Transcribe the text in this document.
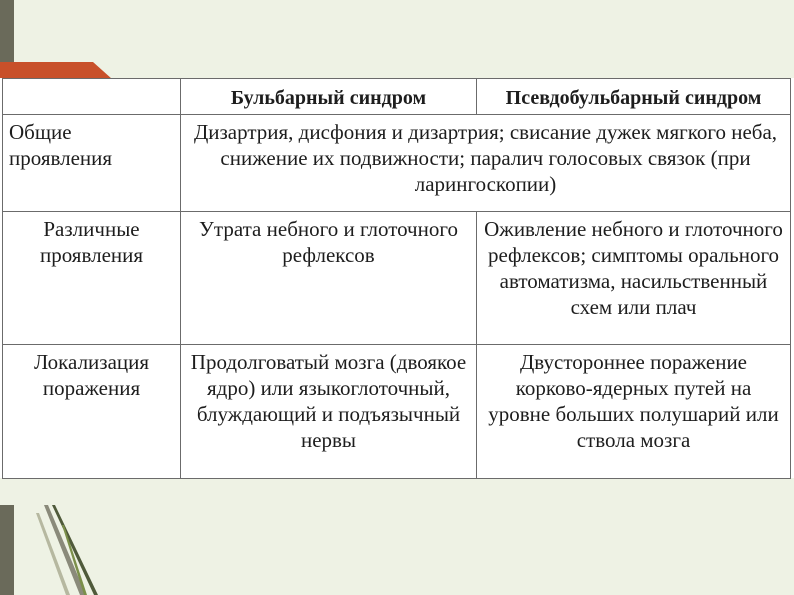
	Бульбарный синдром	Псевдобульбарный синдром
Общие проявления	Дизартрия, дисфония и дизартрия; свисание дужек мягкого неба, снижение их подвижности; паралич голосовых связок (при ларингоскопии)	
Различные проявления	Утрата небного и глоточного рефлексов	Оживление небного и глоточного рефлексов; симптомы орального автоматизма, насильственный схем или плач
Локализация поражения	Продолговатый мозга (двоякое ядро) или языкоглоточный, блуждающий и подъязычный нервы	Двустороннее поражение корково-ядерных путей на уровне больших полушарий или ствола мозга
